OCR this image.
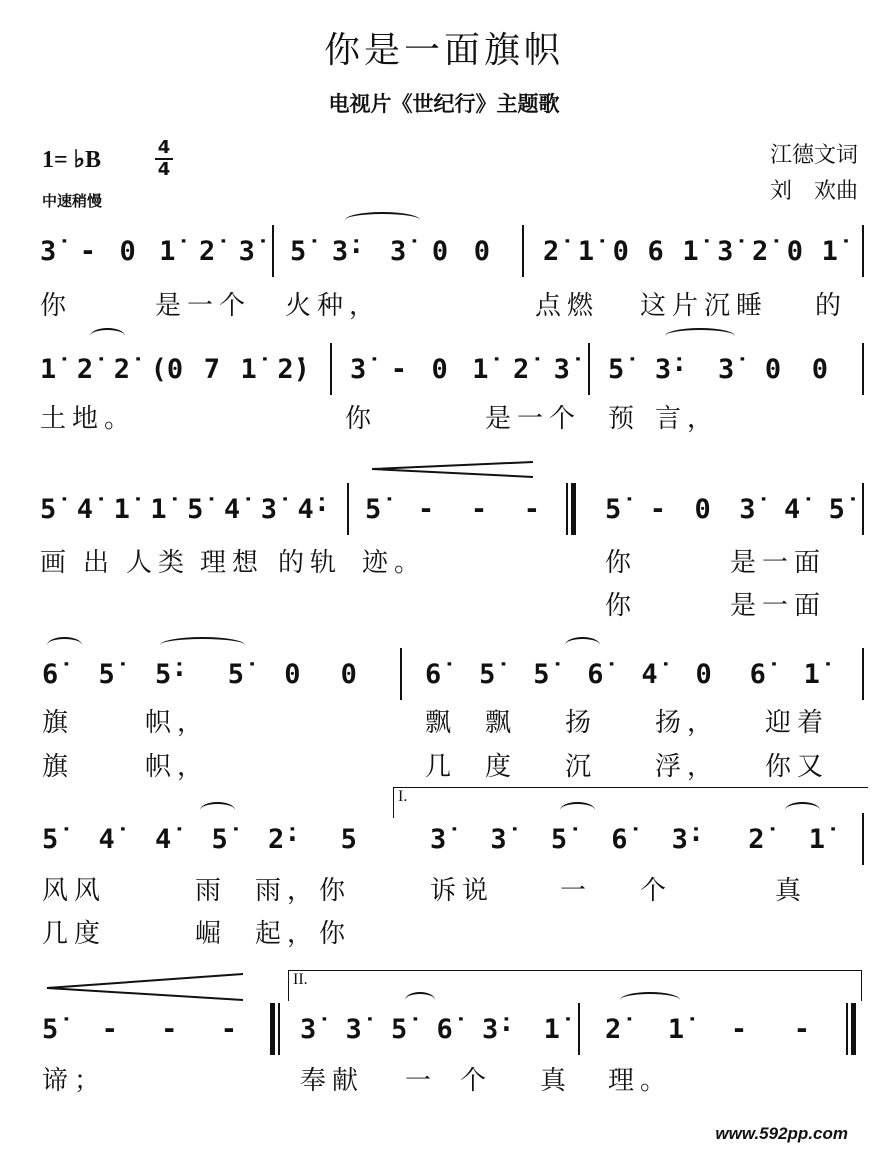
你是一面旗帜
电视片《世纪行》主题歌
1= ♭B	4
4
中速稍慢
江德文词
刘　欢曲
3̇ - 0 1̇ 2̇ 3̇ 5̇ 3̇· 3̇ 0 0 2̇ 1̇ 0 6 1̇ 3̇ 2̇ 0 1̇
1̇ 2̇ 2̇ (0 7 1̇ 2̇) 3̇ - 0 1̇ 2̇ 3̇ 5̇ 3̇· 3̇ 0 0
5̇ 4̇ 1̇ 1̇ 5̇ 4̇ 3̇ 4̇· 5̇ - - - 5̇ - 0 3̇ 4̇ 5̇
6̇ 5̇ 5̇· 5̇ 0 0	6̇ 5̇ 5̇ 6̇ 4̇ 0 6̇ 1̇
I.
5̇ 4̇ 4̇ 5̇ 2̇· 5	3̇ 3̇ 5̇ 6̇ 3̇· 2̇ 1̇
II.
5̇ - - - 3̇ 3̇ 5̇ 6̇ 3̇· 1̇ 2̇ 1̇ - -
你	是一个 火种，	点燃 这片沉睡 的
土地。	你	是一个 预 言，
画 出 人类 理想 的轨 迹。	你	是一面
你	是一面
旗	帜，	飘 飘 扬 扬， 迎着
旗	帜，	几 度 沉 浮， 你又
风风	雨 雨，你	诉说	一 个	真
几度	崛 起，你
谛；	奉献 一 个 真 理。
www.592pp.com
